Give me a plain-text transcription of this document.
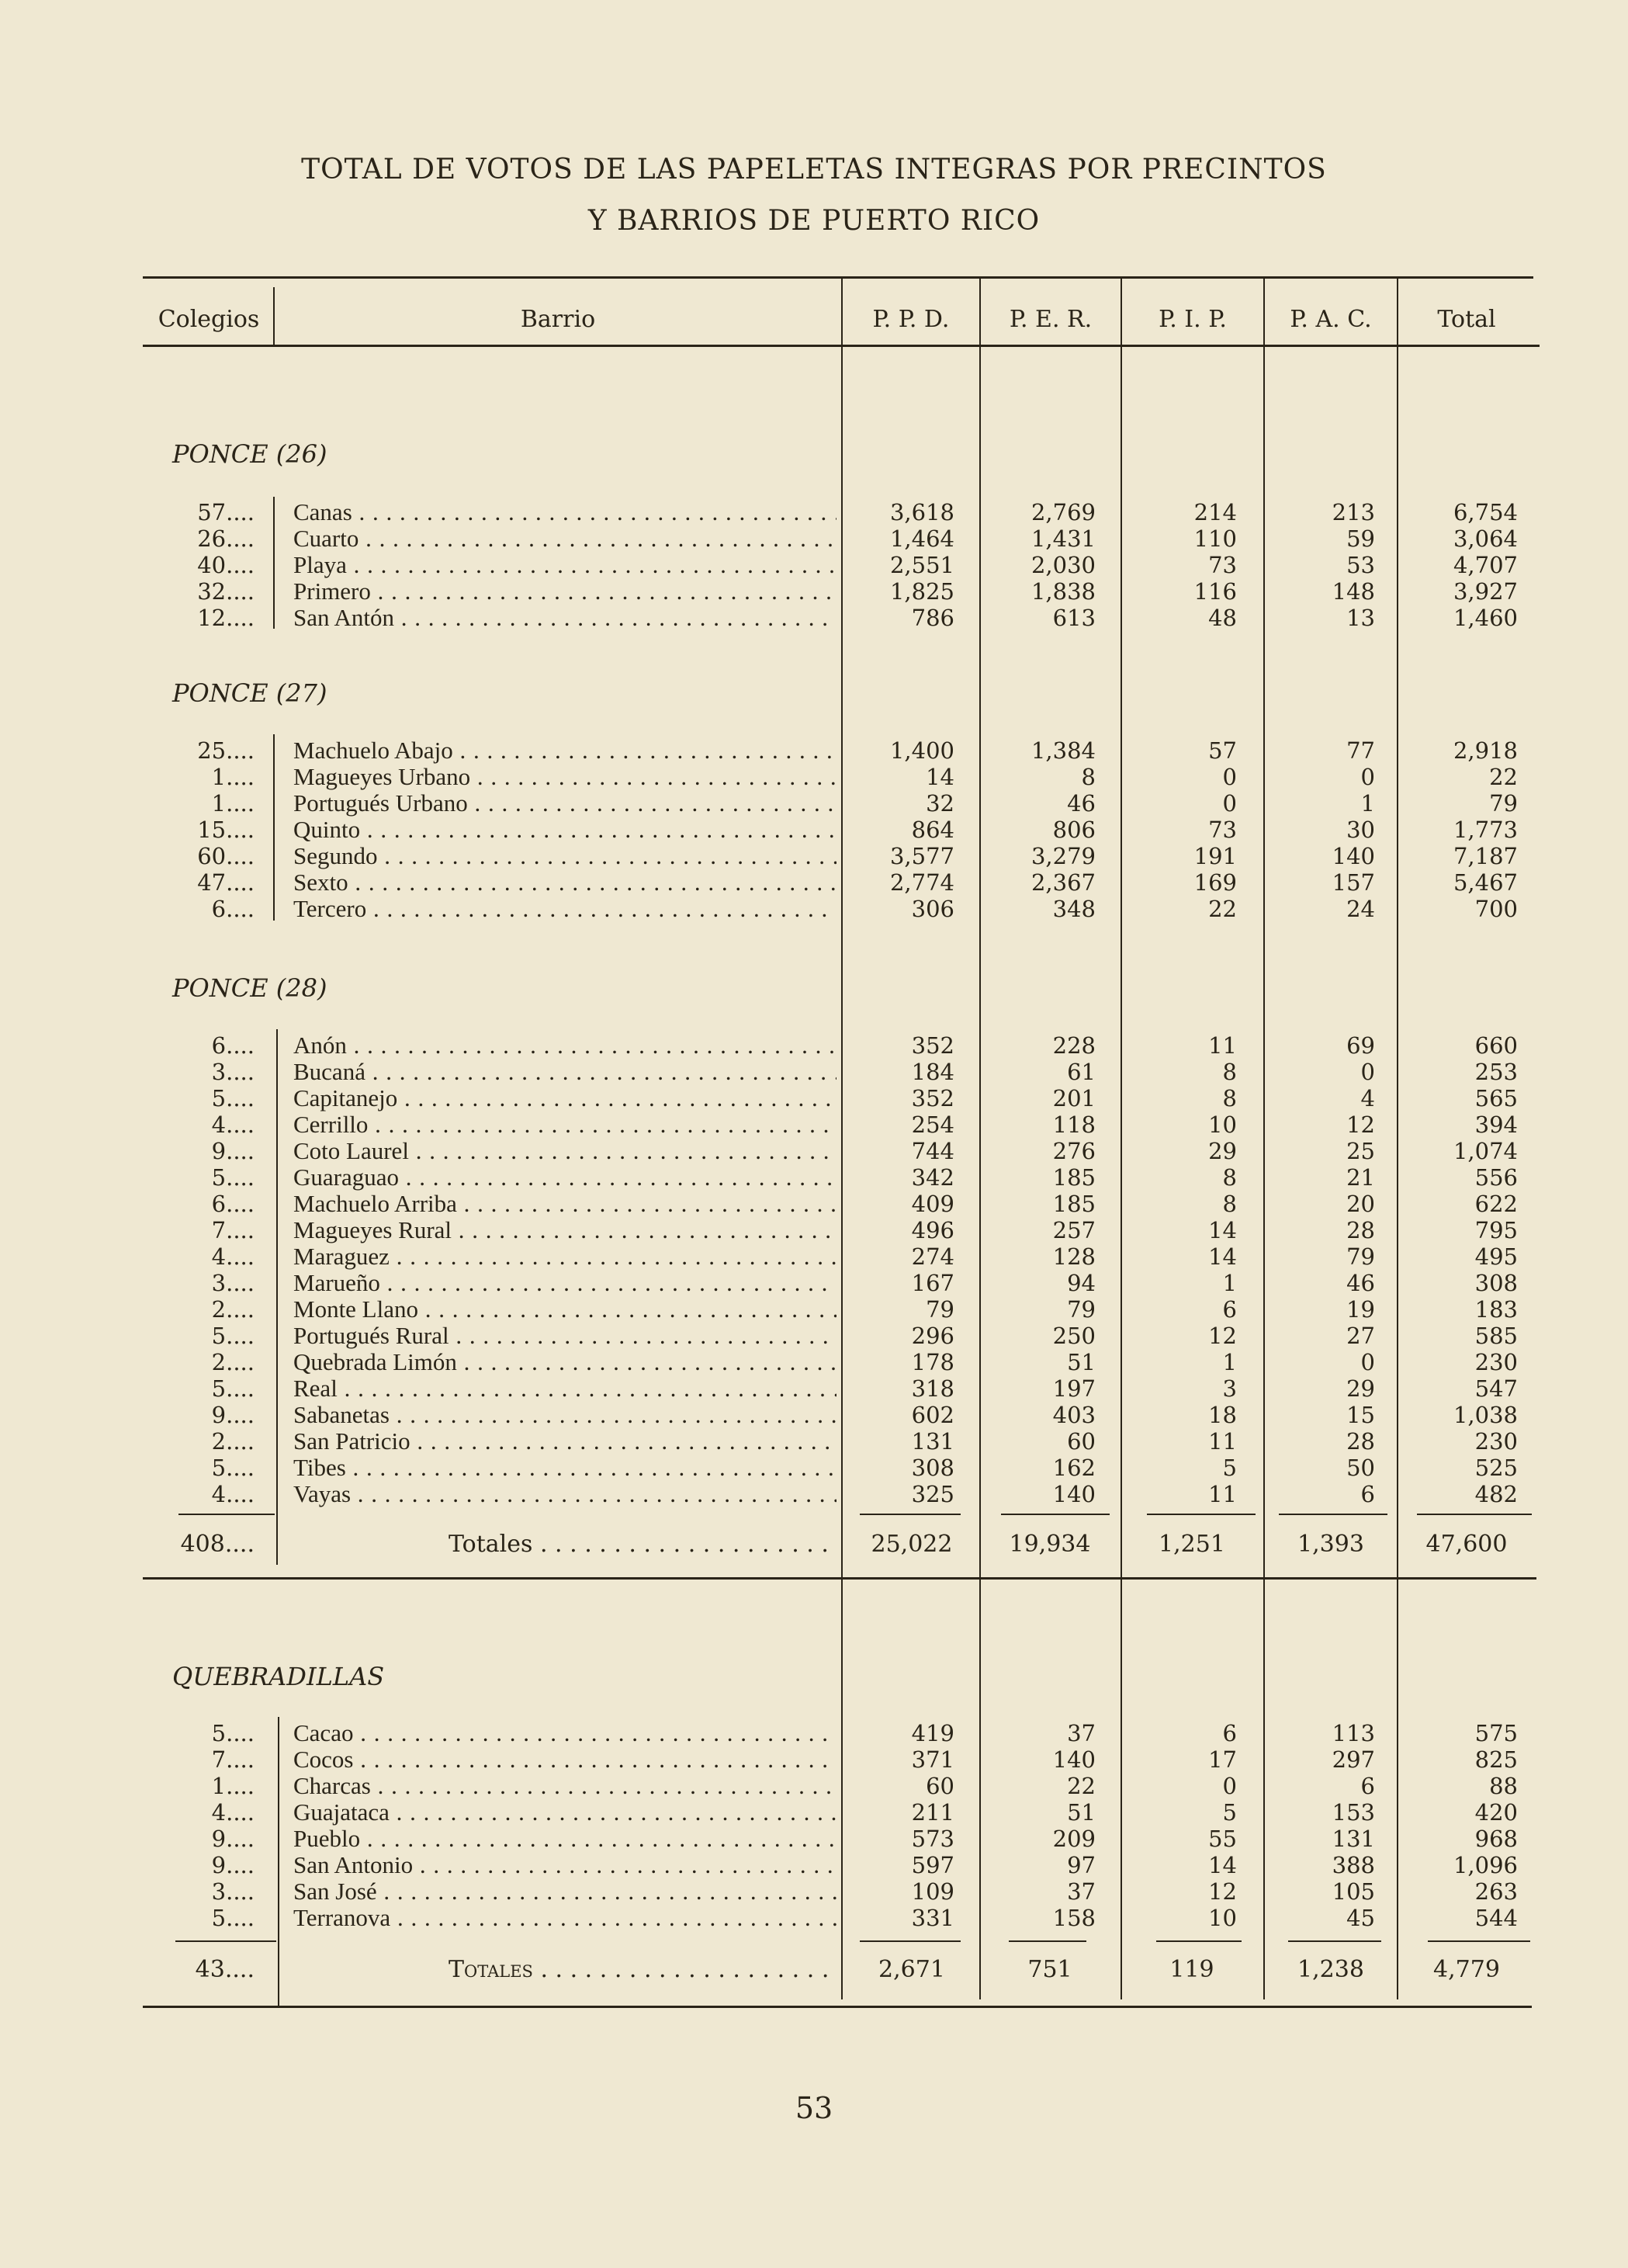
TOTAL DE VOTOS DE LAS PAPELETAS INTEGRAS POR PRECINTOS
Y BARRIOS DE PUERTO RICO
Colegios	Barrio	P. P. D.	P. E. R.	P. I. P.	P. A. C.	Total
PONCE (26)
PONCE (27)
PONCE (28)
QUEBRADILLAS
57 ....	Canas . . .	3,618	2,769	214	213	6,754
26 ....	Cuarto . . .	1,464	1,431	110	59	3,064
40 ....	Playa . . .	2,551	2,030	73	53	4,707
32 ....	Primero . . .	1,825	1,838	116	148	3,927
12 ....	San Antón . . .	786	613	48	13	1,460
25 ....	Machuelo Abajo . . .	1,400	1,384	57	77	2,918
1 ....	Magueyes Urbano . . .	14	8	0	0	22
1 ....	Portugués Urbano . . .	32	46	0	1	79
15 ....	Quinto . . .	864	806	73	30	1,773
60 ....	Segundo . . .	3,577	3,279	191	140	7,187
47 ....	Sexto . . .	2,774	2,367	169	157	5,467
6 ....	Tercero . . .	306	348	22	24	700
6 ....	Anón . . .	352	228	11	69	660
3 ....	Bucaná . . .	184	61	8	0	253
5 ....	Capitanejo . . .	352	201	8	4	565
4 ....	Cerrillo . . .	254	118	10	12	394
9 ....	Coto Laurel . . .	744	276	29	25	1,074
5 ....	Guaraguao . . .	342	185	8	21	556
6 ....	Machuelo Arriba . . .	409	185	8	20	622
7 ....	Magueyes Rural . . .	496	257	14	28	795
4 ....	Maraguez . . .	274	128	14	79	495
3 ....	Marueño . . .	167	94	1	46	308
2 ....	Monte Llano . . .	79	79	6	19	183
5 ....	Portugués Rural . . .	296	250	12	27	585
2 ....	Quebrada Limón . . .	178	51	1	0	230
5 ....	Real . . .	318	197	3	29	547
9 ....	Sabanetas . . .	602	403	18	15	1,038
2 ....	San Patricio . . .	131	60	11	28	230
5 ....	Tibes . . .	308	162	5	50	525
4 ....	Vayas . . .	325	140	11	6	482
5 ....	Cacao . . .	419	37	6	113	575
7 ....	Cocos . . .	371	140	17	297	825
1 ....	Charcas . . .	60	22	0	6	88
4 ....	Guajataca . . .	211	51	5	153	420
9 ....	Pueblo . . .	573	209	55	131	968
9 ....	San Antonio . . .	597	97	14	388	1,096
3 ....	San José . . .	109	37	12	105	263
5 ....	Terranova . . .	331	158	10	45	544
408 ....	Totales . . .	25,022	19,934	1,251	1,393	47,600
43 ....	Totales . . .	2,671	751	119	1,238	4,779
53
